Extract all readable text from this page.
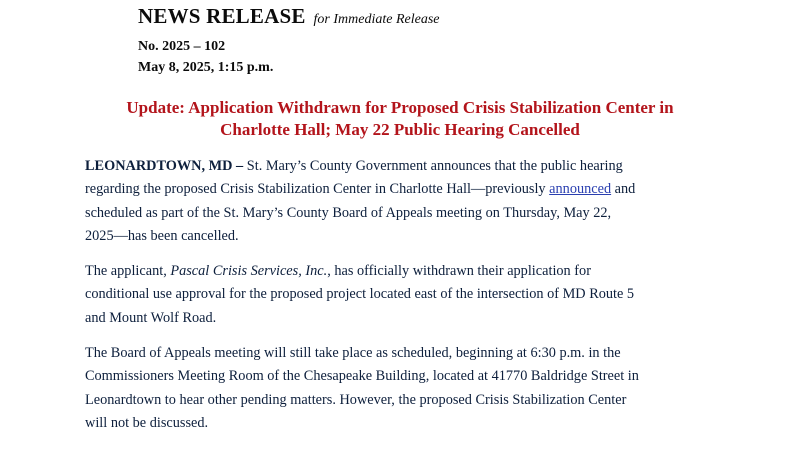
NEWS RELEASE for Immediate Release
No. 2025 – 102
May 8, 2025, 1:15 p.m.
Update: Application Withdrawn for Proposed Crisis Stabilization Center in
Charlotte Hall; May 22 Public Hearing Cancelled
LEONARDTOWN, MD – St. Mary’s County Government announces that the public hearing
regarding the proposed Crisis Stabilization Center in Charlotte Hall—previously announced and
scheduled as part of the St. Mary’s County Board of Appeals meeting on Thursday, May 22,
2025—has been cancelled.
The applicant, Pascal Crisis Services, Inc., has officially withdrawn their application for
conditional use approval for the proposed project located east of the intersection of MD Route 5
and Mount Wolf Road.
The Board of Appeals meeting will still take place as scheduled, beginning at 6:30 p.m. in the
Commissioners Meeting Room of the Chesapeake Building, located at 41770 Baldridge Street in
Leonardtown to hear other pending matters. However, the proposed Crisis Stabilization Center
will not be discussed.
